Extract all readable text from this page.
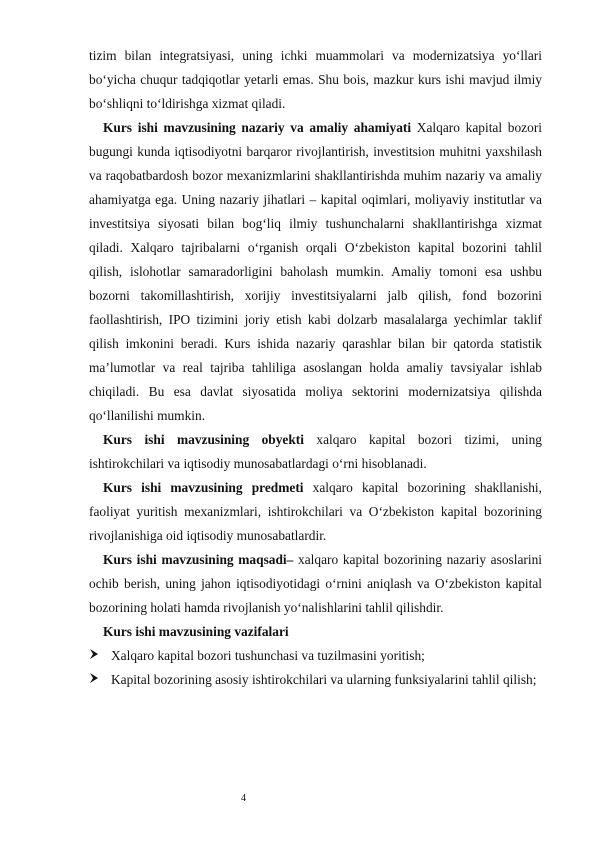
tizim bilan integratsiyasi, uning ichki muammolari va modernizatsiya yo‘llari bo‘yicha chuqur tadqiqotlar yetarli emas. Shu bois, mazkur kurs ishi mavjud ilmiy bo‘shliqni to‘ldirishga xizmat qiladi.

Kurs ishi mavzusining nazariy va amaliy ahamiyati Xalqaro kapital bozori bugungi kunda iqtisodiyotni barqaror rivojlantirish, investitsion muhitni yaxshilash va raqobatbardosh bozor mexanizmlarini shakllantirishda muhim nazariy va amaliy ahamiyatga ega. Uning nazariy jihatlari – kapital oqimlari, moliyaviy institutlar va investitsiya siyosati bilan bog‘liq ilmiy tushunchalarni shakllantirishga xizmat qiladi. Xalqaro tajribalarni o‘rganish orqali O‘zbekiston kapital bozorini tahlil qilish, islohotlar samaradorligini baholash mumkin. Amaliy tomoni esa ushbu bozorni takomillashtirish, xorijiy investitsiyalarni jalb qilish, fond bozorini faollashtirish, IPO tizimini joriy etish kabi dolzarb masalalarga yechimlar taklif qilish imkonini beradi. Kurs ishida nazariy qarashlar bilan bir qatorda statistik ma’lumotlar va real tajriba tahliliga asoslangan holda amaliy tavsiyalar ishlab chiqiladi. Bu esa davlat siyosatida moliya sektorini modernizatsiya qilishda qo‘llanilishi mumkin.

Kurs ishi mavzusining obyekti xalqaro kapital bozori tizimi, uning ishtirokchilari va iqtisodiy munosabatlardagi o‘rni hisoblanadi.

Kurs ishi mavzusining predmeti xalqaro kapital bozorining shakllanishi, faoliyat yuritish mexanizmlari, ishtirokchilari va O‘zbekiston kapital bozorining rivojlanishiga oid iqtisodiy munosabatlardir.

Kurs ishi mavzusining maqsadi– xalqaro kapital bozorining nazariy asoslarini ochib berish, uning jahon iqtisodiyotidagi o‘rnini aniqlash va O‘zbekiston kapital bozorining holati hamda rivojlanish yo‘nalishlarini tahlil qilishdir.

Kurs ishi mavzusining vazifalari

Xalqaro kapital bozori tushunchasi va tuzilmasini yoritish;
Kapital bozorining asosiy ishtirokchilari va ularning funksiyalarini tahlil qilish;
4
